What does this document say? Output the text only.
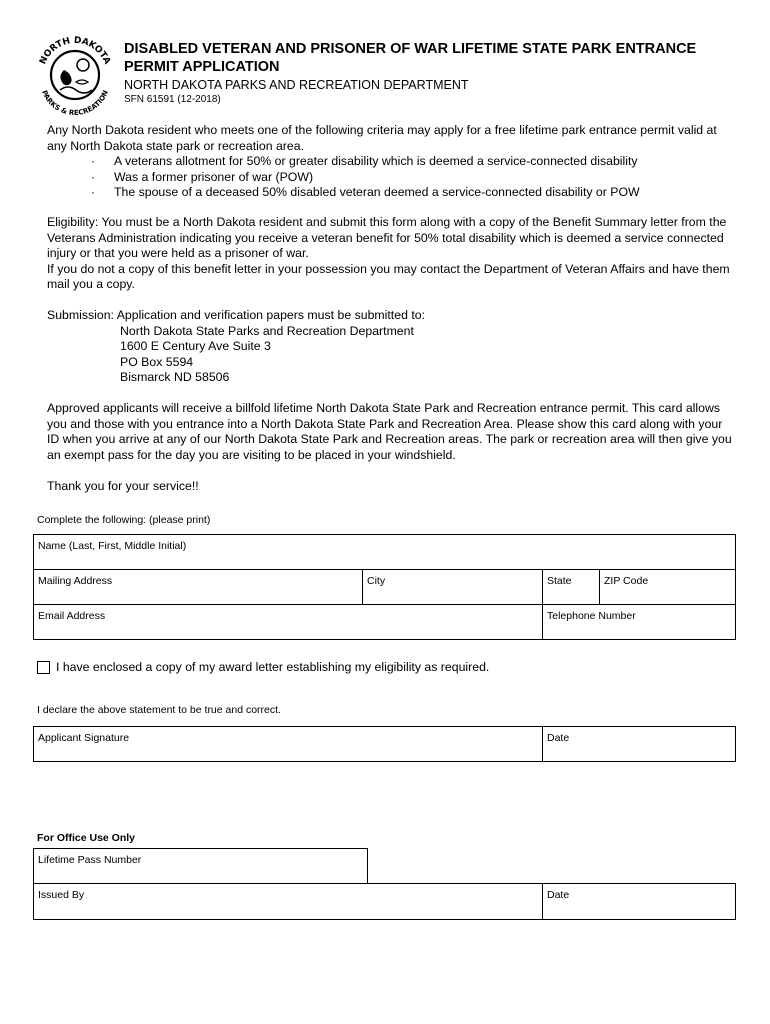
NORTH DAKOTA
PARKS & RECREATION
DISABLED VETERAN AND PRISONER OF WAR LIFETIME STATE PARK ENTRANCE PERMIT APPLICATION
NORTH DAKOTA PARKS AND RECREATION DEPARTMENT
SFN 61591 (12-2018)
Any North Dakota resident who meets one of the following criteria may apply for a free lifetime park entrance permit valid at any North Dakota state park or recreation area.
· A veterans allotment for 50% or greater disability which is deemed a service-connected disability
· Was a former prisoner of war (POW)
· The spouse of a deceased 50% disabled veteran deemed a service-connected disability or POW
Eligibility: You must be a North Dakota resident and submit this form along with a copy of the Benefit Summary letter from the Veterans Administration indicating you receive a veteran benefit for 50% total disability which is deemed a service connected injury or that you were held as a prisoner of war.
If you do not a copy of this benefit letter in your possession you may contact the Department of Veteran Affairs and have them mail you a copy.
Submission: Application and verification papers must be submitted to:
North Dakota State Parks and Recreation Department
1600 E Century Ave Suite 3
PO Box 5594
Bismarck ND 58506
Approved applicants will receive a billfold lifetime North Dakota State Park and Recreation entrance permit. This card allows you and those with you entrance into a North Dakota State Park and Recreation Area. Please show this card along with your ID when you arrive at any of our North Dakota State Park and Recreation areas. The park or recreation area will then give you an exempt pass for the day you are visiting to be placed in your windshield.
Thank you for your service!!
Complete the following: (please print)
Name (Last, First, Middle Initial)			
Mailing Address	City	State	ZIP Code
Email Address		Telephone Number	
I have enclosed a copy of my award letter establishing my eligibility as required.
I declare the above statement to be true and correct.
Applicant Signature	Date
For Office Use Only
Lifetime Pass Number
Issued By	Date
